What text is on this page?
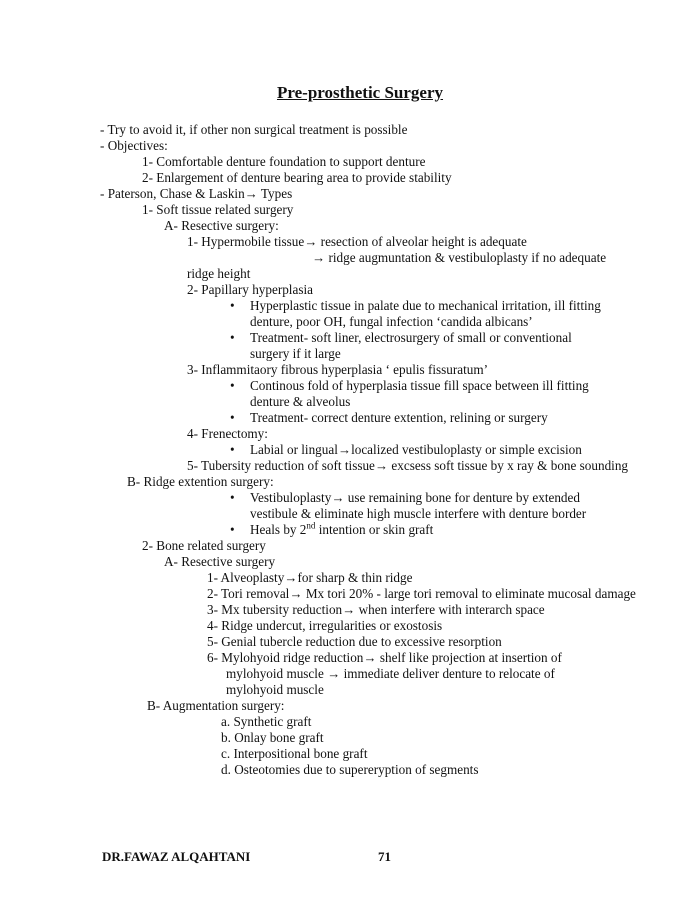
Pre-prosthetic Surgery
- Try to avoid it, if other non surgical treatment is possible
- Objectives:
1- Comfortable denture foundation to support denture
2- Enlargement of denture bearing area to provide stability
- Paterson, Chase & Laskin→ Types
1- Soft tissue related surgery
A- Resective surgery:
1- Hypermobile tissue→ resection of alveolar height is adequate
→ ridge augmuntation & vestibuloplasty if no adequate
ridge height
2- Papillary hyperplasia
• Hyperplastic tissue in palate due to mechanical irritation, ill fitting denture, poor OH, fungal infection ‘candida albicans’
• Treatment- soft liner, electrosurgery of small or conventional surgery if it large
3- Inflammitaory fibrous hyperplasia ‘ epulis fissuratum’
• Continous fold of hyperplasia tissue fill space between ill fitting denture & alveolus
• Treatment- correct denture extention, relining or surgery
4- Frenectomy:
• Labial or lingual→localized vestibuloplasty or simple excision
5- Tubersity reduction of soft tissue→ excsess soft tissue by x ray & bone sounding
B- Ridge extention surgery:
• Vestibuloplasty→ use remaining bone for denture by extended vestibule & eliminate high muscle interfere with denture border
• Heals by 2nd intention or skin graft
2- Bone related surgery
A- Resective surgery
1- Alveoplasty→for sharp & thin ridge
2- Tori removal→ Mx tori 20% - large tori removal to eliminate mucosal damage
3- Mx tubersity reduction→ when interfere with interarch space
4- Ridge undercut, irregularities or exostosis
5- Genial tubercle reduction due to excessive resorption
6- Mylohyoid ridge reduction→ shelf like projection at insertion of mylohyoid muscle → immediate deliver denture to relocate of mylohyoid muscle
B- Augmentation surgery:
a. Synthetic graft
b. Onlay bone graft
c. Interpositional bone graft
d. Osteotomies due to supereryption of segments
DR.FAWAZ ALQAHTANI	71
